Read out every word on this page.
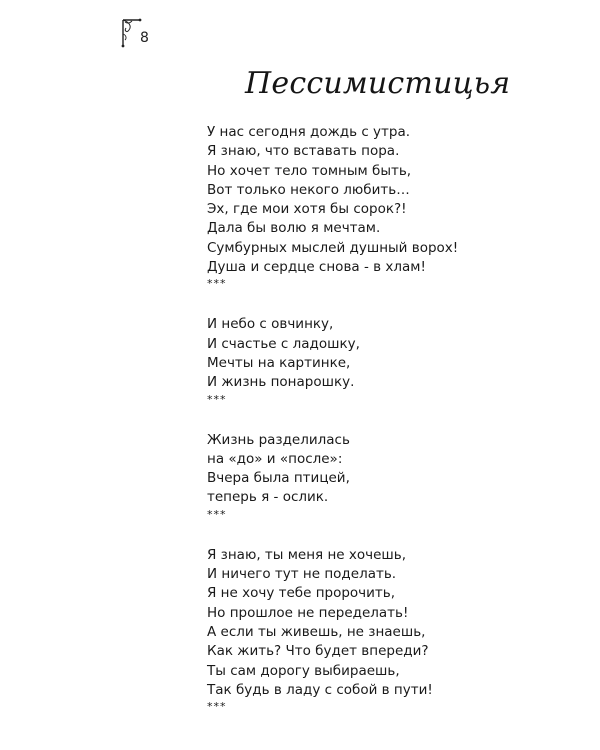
8
Пессимистицья
У нас сегодня дождь с утра.
Я знаю, что вставать пора.
Но хочет тело томным быть,
Вот только некого любить…
Эх, где мои хотя бы сорок?!
Дала бы волю я мечтам.
Сумбурных мыслей душный ворох!
Душа и сердце снова - в хлам!
***
И небо с овчинку,
И счастье с ладошку,
Мечты на картинке,
И жизнь понарошку.
***
Жизнь разделилась
на «до» и «после»:
Вчера была птицей,
теперь я - ослик.
***
Я знаю, ты меня не хочешь,
И ничего тут не поделать.
Я не хочу тебе пророчить,
Но прошлое не переделать!
А если ты живешь, не знаешь,
Как жить? Что будет впереди?
Ты сам дорогу выбираешь,
Так будь в ладу с собой в пути!
***
